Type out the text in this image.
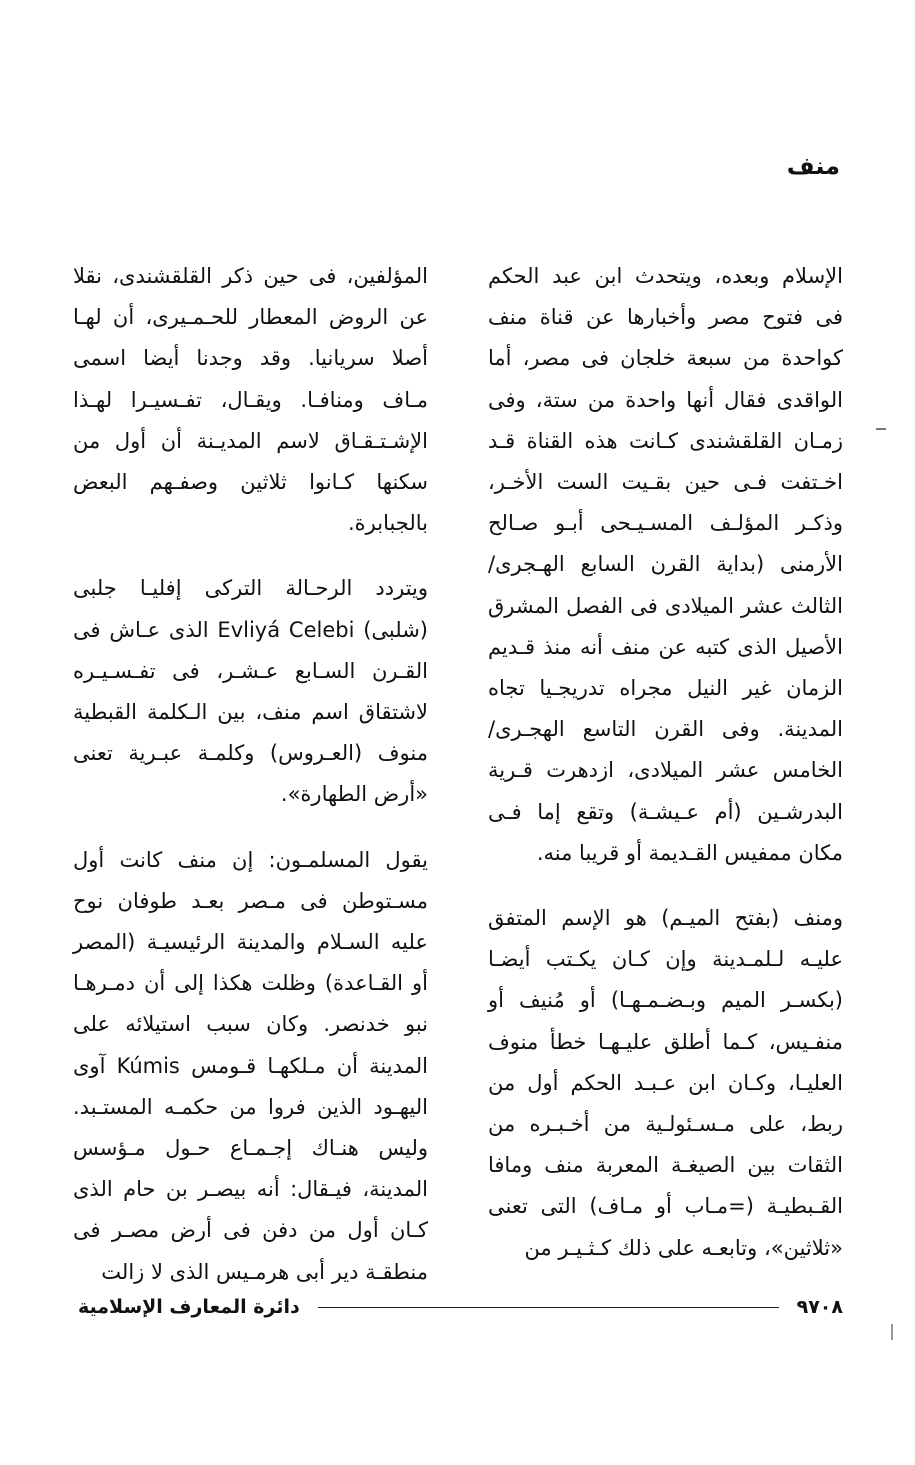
منف

الإسلام وبعده، ويتحدث ابن عبد الحكم فى فتوح مصر وأخبارها عن قناة منف كواحدة من سبعة خلجان فى مصر، أما الواقدى فقال أنها واحدة من ستة، وفى زمـان القلقشندى كـانت هذه القناة قـد اخـتفت فـى حين بقـيت الست الأخـر، وذكـر المؤلـف المسـيـحى أبـو صـالح الأرمنى (بداية القرن السابع الهـجرى/ الثالث عشر الميلادى فى الفصل المشرق الأصيل الذى كتبه عن منف أنه منذ قـديم الزمان غير النيل مجراه تدريجـيا تجاه المدينة. وفى القرن التاسع الهجـرى/ الخامس عشر الميلادى، ازدهرت قـرية البدرشـين (أم عـيشـة) وتقع إما فـى مكان ممفيس القـديمة أو قريبا منه.

ومنف (بفتح الميـم) هو الإسم المتفق عليـه لـلمـدينة وإن كـان يكـتب أيضـا (بكسـر الميم وبـضـمـهـا) أو مُنيف أو منفـيس، كـما أطلق عليـهـا خطأ منوف العليـا، وكـان ابن عـبـد الحكم أول من ربط، على مـسـئولـية من أخـبـره من الثقات بين الصيغـة المعربة منف ومافا القـبطيـة (=مـاب أو مـاف) التى تعنى «ثلاثين»، وتابعـه على ذلك كـثـيـر من

المؤلفين، فى حين ذكر القلقشندى، نقلا عن الروض المعطار للحـمـيرى، أن لهـا أصلا سريانيا. وقد وجدنا أيضا اسمى مـاف ومنافـا. ويقـال، تفـسيـرا لهـذا الإشـتـقـاق لاسم المديـنة أن أول من سكنها كـانوا ثلاثين وصفـهم البعض بالجبابرة.

ويتردد الرحـالة التركى إفليـا جلبى (شلبى) Evliyá Celebi الذى عـاش فى القـرن السـابع عـشـر، فى تفـسـيـره لاشتقاق اسم منف، بين الـكلمة القبطية منوف (العـروس) وكلمـة عبـرية تعنى «أرض الطهارة».

يقول المسلمـون: إن منف كانت أول مسـتوطن فى مـصر بعـد طوفان نوح عليه السـلام والمدينة الرئيسيـة (المصر أو القـاعدة) وظلت هكذا إلى أن دمـرهـا نبو خدنصر. وكان سبب استيلائه على المدينة أن مـلكهـا قـومس Kúmis آوى اليهـود الذين فروا من حكمـه المستـبد. وليس هنـاك إجـمـاع حـول مـؤسس المدينة، فيـقال: أنه بيصـر بن حام الذى كـان أول من دفن فى أرض مصـر فى منطقـة دير أبى هرمـيس الذى لا زالت

٩٧٠٨
دائرة المعارف الإسلامية
